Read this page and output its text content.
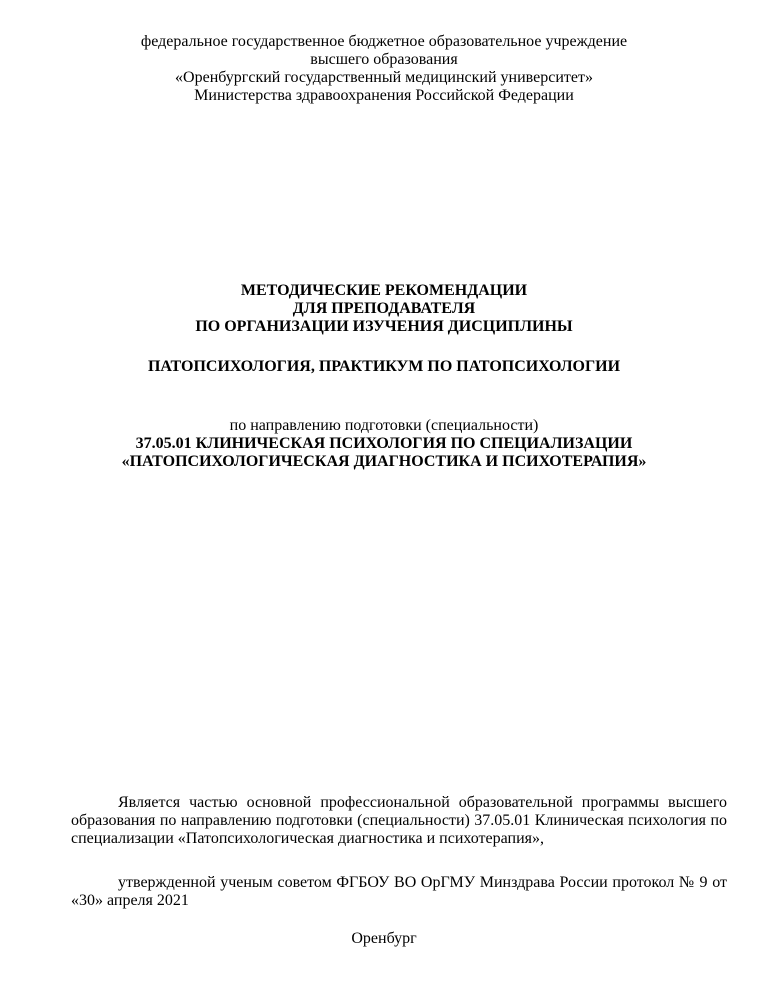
федеральное государственное бюджетное образовательное учреждение
высшего образования
«Оренбургский государственный медицинский университет»
Министерства здравоохранения Российской Федерации
МЕТОДИЧЕСКИЕ РЕКОМЕНДАЦИИ
ДЛЯ ПРЕПОДАВАТЕЛЯ
ПО ОРГАНИЗАЦИИ ИЗУЧЕНИЯ ДИСЦИПЛИНЫ
ПАТОПСИХОЛОГИЯ, ПРАКТИКУМ ПО ПАТОПСИХОЛОГИИ
по направлению подготовки (специальности)
37.05.01 КЛИНИЧЕСКАЯ ПСИХОЛОГИЯ ПО СПЕЦИАЛИЗАЦИИ
«ПАТОПСИХОЛОГИЧЕСКАЯ ДИАГНОСТИКА И ПСИХОТЕРАПИЯ»
Является частью основной профессиональной образовательной программы высшего образования по направлению подготовки (специальности) 37.05.01 Клиническая психология по специализации «Патопсихологическая диагностика и психотерапия»,
утвержденной ученым советом ФГБОУ ВО ОрГМУ Минздрава России протокол № 9 от «30» апреля 2021
Оренбург
